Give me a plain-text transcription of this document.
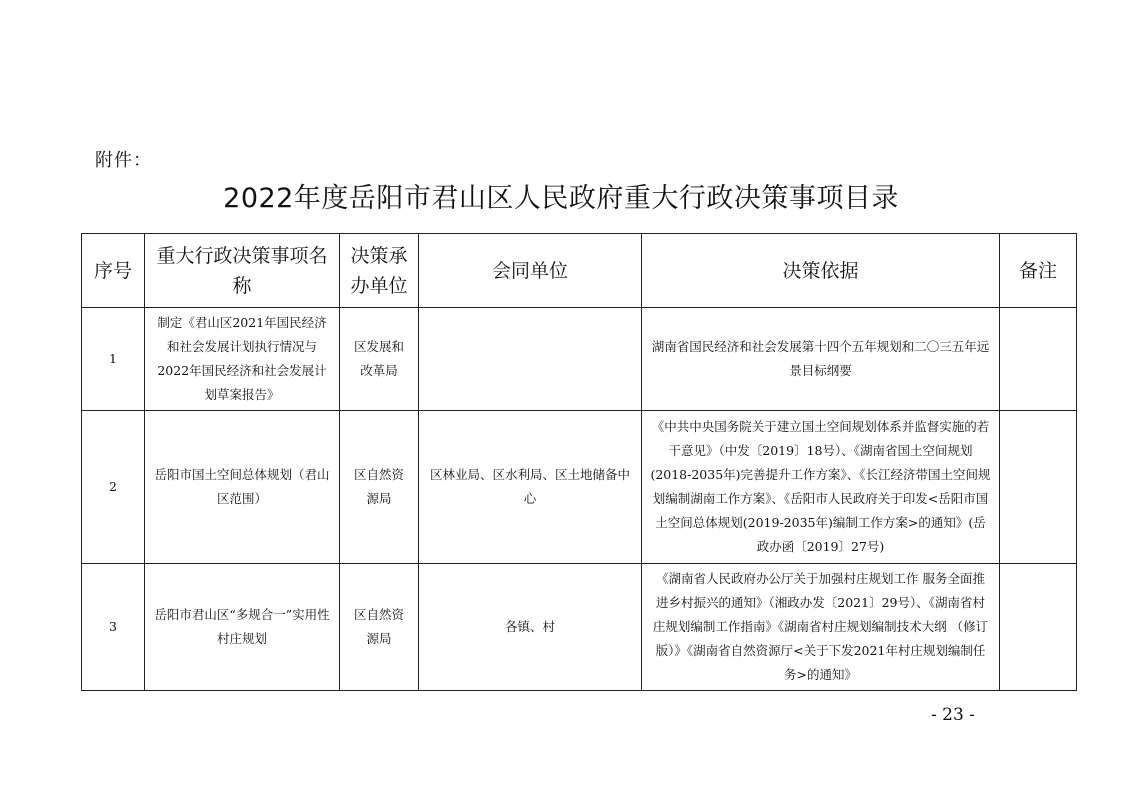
附件：
2022年度岳阳市君山区人民政府重大行政决策事项目录
序号	重大行政决策事项名称	决策承办单位	会同单位	决策依据	备注
1	制定《君山区2021年国民经济和社会发展计划执行情况与2022年国民经济和社会发展计划草案报告》	区发展和改革局		湖南省国民经济和社会发展第十四个五年规划和二〇三五年远景目标纲要	
2	岳阳市国土空间总体规划（君山区范围）	区自然资源局	区林业局、区水利局、区土地储备中心	《中共中央国务院关于建立国土空间规划体系并监督实施的若干意见》（中发〔2019〕18号）、《湖南省国土空间规划(2018-2035年)完善提升工作方案》、《长江经济带国土空间规划编制湖南工作方案》、《岳阳市人民政府关于印发<岳阳市国土空间总体规划(2019-2035年)编制工作方案>的通知》(岳政办函〔2019〕27号)	
3	岳阳市君山区“多规合一”实用性村庄规划	区自然资源局	各镇、村	《湖南省人民政府办公厅关于加强村庄规划工作 服务全面推进乡村振兴的通知》（湘政办发〔2021〕29号）、《湖南省村庄规划编制工作指南》《湖南省村庄规划编制技术大纲 （修订版）》《湖南省自然资源厅<关于下发2021年村庄规划编制任务>的通知》	
- 23 -
